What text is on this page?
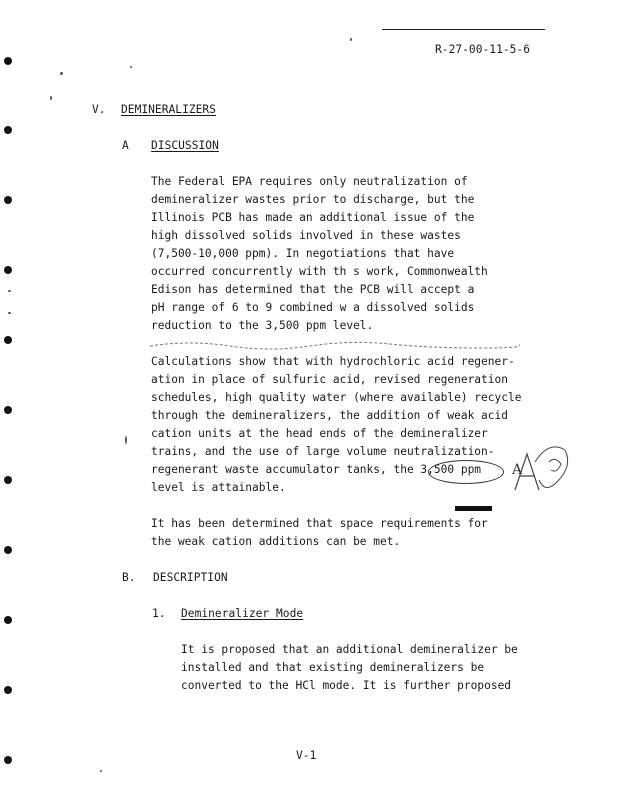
R-27-00-11-5-6
V. DEMINERALIZERS
A DISCUSSION
The Federal EPA requires only neutralization of
demineralizer wastes prior to discharge, but the
Illinois PCB has made an additional issue of the
high dissolved solids involved in these wastes
(7,500-10,000 ppm). In negotiations that have
occurred concurrently with th s work, Commonwealth
Edison has determined that the PCB will accept a
pH range of 6 to 9 combined w a dissolved solids
reduction to the 3,500 ppm level.
Calculations show that with hydrochloric acid regener-
ation in place of sulfuric acid, revised regeneration
schedules, high quality water (where available) recycle
through the demineralizers, the addition of weak acid
cation units at the head ends of the demineralizer
trains, and the use of large volume neutralization-
regenerant waste accumulator tanks, the 3,500 ppm
level is attainable.
A
It has been determined that space requirements for
the weak cation additions can be met.
B. DESCRIPTION
1. Demineralizer Mode
It is proposed that an additional demineralizer be
installed and that existing demineralizers be
converted to the HCl mode. It is further proposed
V-1
